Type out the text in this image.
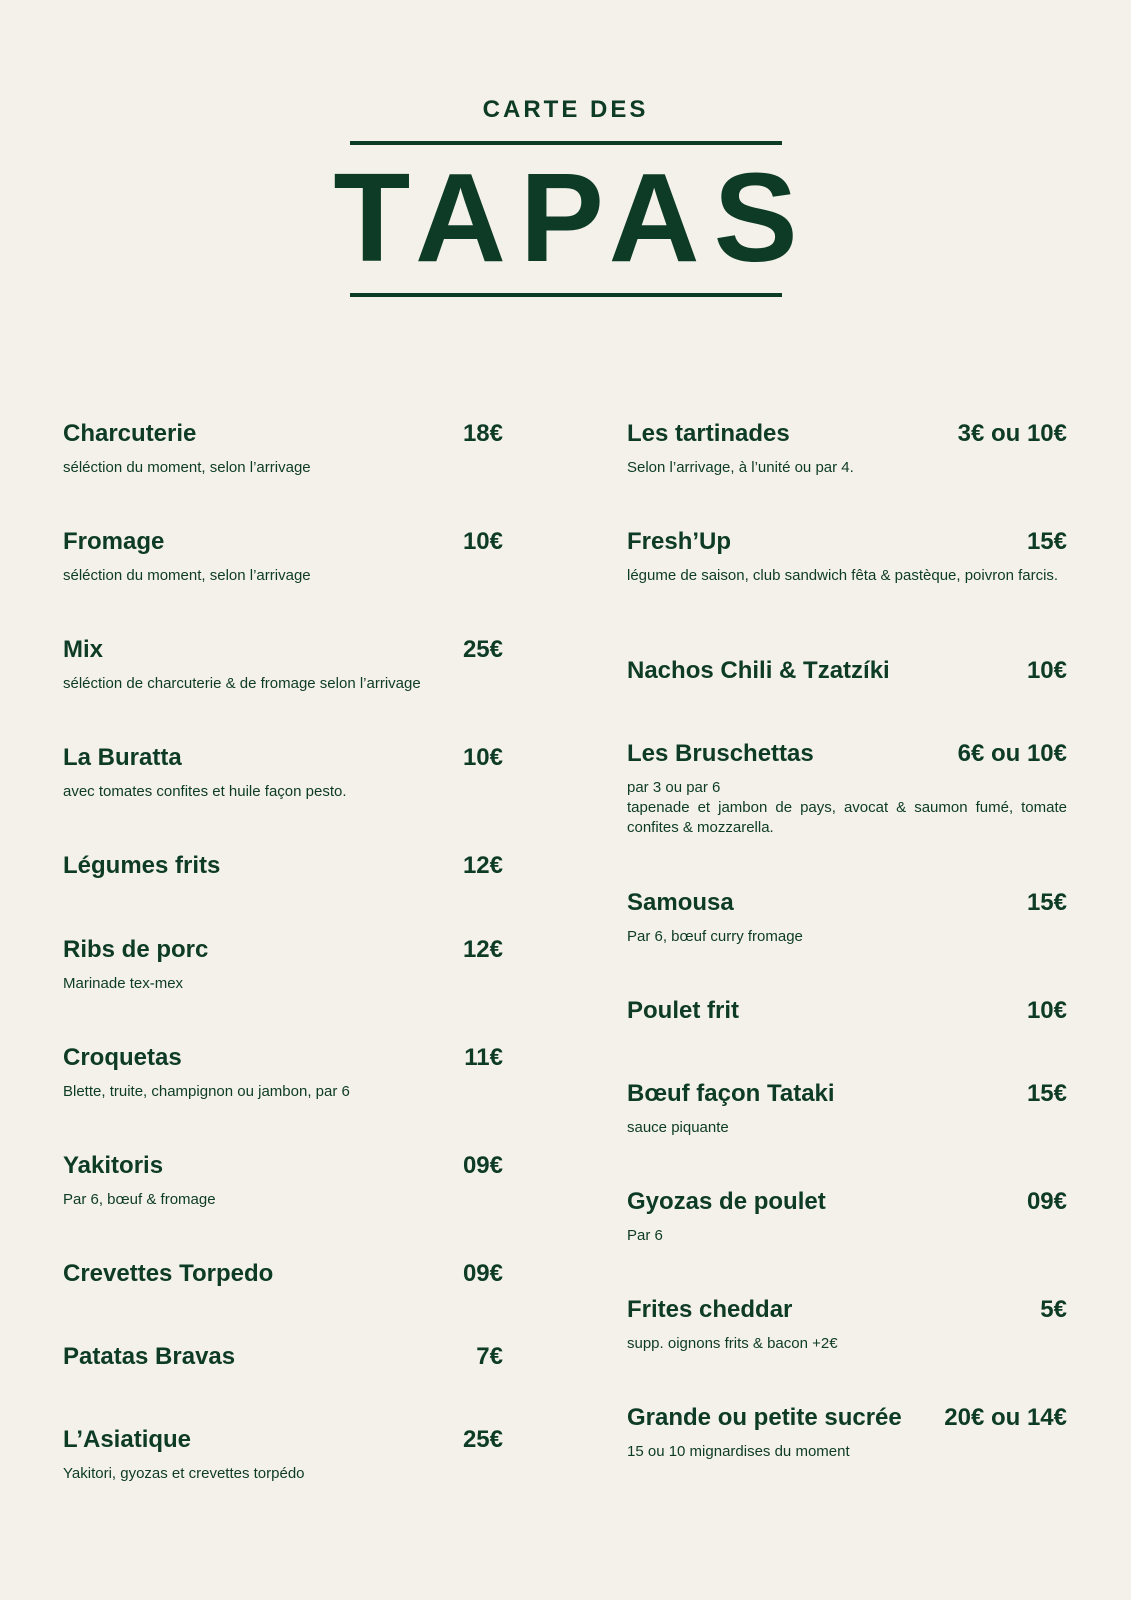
CARTE DES
TAPAS
Charcuterie	18€
séléction du moment, selon l’arrivage
Fromage	10€
séléction du moment, selon l’arrivage
Mix	25€
séléction de charcuterie & de fromage selon l’arrivage
La Buratta	10€
avec tomates confites et huile façon pesto.
Légumes frits	12€
Ribs de porc	12€
Marinade tex-mex
Croquetas	11€
Blette, truite, champignon ou jambon, par 6
Yakitoris	09€
Par 6, bœuf & fromage
Crevettes Torpedo	09€
Patatas Bravas	7€
L’Asiatique	25€
Yakitori, gyozas et crevettes torpédo
Les tartinades	3€ ou 10€
Selon l’arrivage, à l’unité ou par 4.
Fresh’Up	15€
légume de saison, club sandwich fêta & pastèque, poivron farcis.
Nachos Chili & Tzatzíki	10€
Les Bruschettas	6€ ou 10€
par 3 ou par 6
tapenade et jambon de pays, avocat & saumon fumé, tomate confites & mozzarella.
Samousa	15€
Par 6, bœuf curry fromage
Poulet frit	10€
Bœuf façon Tataki	15€
sauce piquante
Gyozas de poulet	09€
Par 6
Frites cheddar	5€
supp. oignons frits & bacon +2€
Grande ou petite sucrée 20€ ou 14€
15 ou 10 mignardises du moment
